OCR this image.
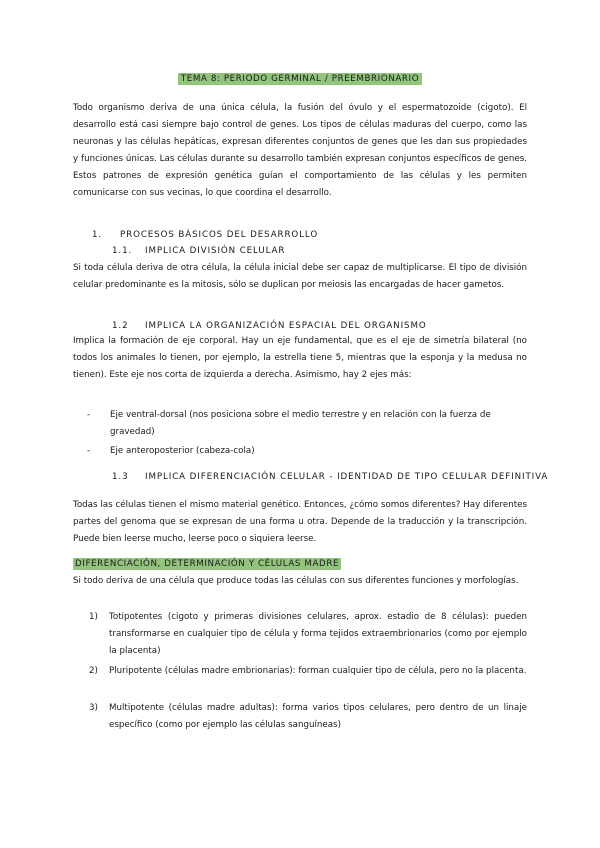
TEMA 8: PERIODO GERMINAL / PREEMBRIONARIO

Todo organismo deriva de una única célula, la fusión del óvulo y el espermatozoide (cigoto). El desarrollo está casi siempre bajo control de genes. Los tipos de células maduras del cuerpo, como las neuronas y las células hepáticas, expresan diferentes conjuntos de genes que les dan sus propiedades y funciones únicas. Las células durante su desarrollo también expresan conjuntos específicos de genes. Estos patrones de expresión genética guían el comportamiento de las células y les permiten comunicarse con sus vecinas, lo que coordina el desarrollo.

1. PROCESOS BÁSICOS DEL DESARROLLO

1.1. IMPLICA DIVISIÓN CELULAR

Si toda célula deriva de otra célula, la célula inicial debe ser capaz de multiplicarse. El tipo de división celular predominante es la mitosis, sólo se duplican por meiosis las encargadas de hacer gametos.

1.2 IMPLICA LA ORGANIZACIÓN ESPACIAL DEL ORGANISMO

Implica la formación de eje corporal. Hay un eje fundamental, que es el eje de simetría bilateral (no todos los animales lo tienen, por ejemplo, la estrella tiene 5, mientras que la esponja y la medusa no tienen). Este eje nos corta de izquierda a derecha. Asimismo, hay 2 ejes más:

- Eje ventral-dorsal (nos posiciona sobre el medio terrestre y en relación con la fuerza de gravedad)
- Eje anteroposterior (cabeza-cola)

1.3 IMPLICA DIFERENCIACIÓN CELULAR - IDENTIDAD DE TIPO CELULAR DEFINITIVA

Todas las células tienen el mismo material genético. Entonces, ¿cómo somos diferentes? Hay diferentes partes del genoma que se expresan de una forma u otra. Depende de la traducción y la transcripción. Puede bien leerse mucho, leerse poco o siquiera leerse.

DIFERENCIACIÓN, DETERMINACIÓN Y CÉLULAS MADRE

Si todo deriva de una célula que produce todas las células con sus diferentes funciones y morfologías.

1) Totipotentes (cigoto y primeras divisiones celulares, aprox. estadio de 8 células): pueden transformarse en cualquier tipo de célula y forma tejidos extraembrionarios (como por ejemplo la placenta)
2) Pluripotente (células madre embrionarias): forman cualquier tipo de célula, pero no la placenta.
3) Multipotente (células madre adultas): forma varios tipos celulares, pero dentro de un linaje específico (como por ejemplo las células sanguíneas)
